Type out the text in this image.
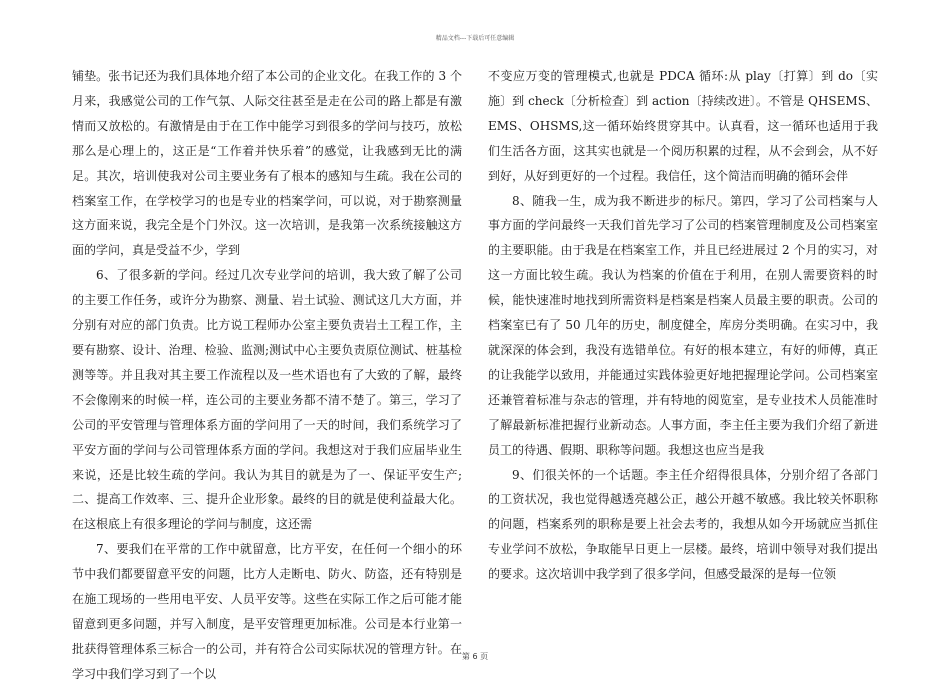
精品文档---下载后可任意编辑

铺垫。张书记还为我们具体地介绍了本公司的企业文化。在我工作的 3 个月来，我感觉公司的工作气氛、人际交往甚至是走在公司的路上都是有激情而又放松的。有激情是由于在工作中能学习到很多的学问与技巧，放松那么是心理上的，这正是“工作着并快乐着”的感觉，让我感到无比的满足。其次，培训使我对公司主要业务有了根本的感知与生疏。我在公司的档案室工作，在学校学习的也是专业的档案学问，可以说，对于勘察测量这方面来说，我完全是个门外汉。这一次培训，是我第一次系统接触这方面的学问，真是受益不少，学到

6、了很多新的学问。经过几次专业学问的培训，我大致了解了公司的主要工作任务，或许分为勘察、测量、岩土试验、测试这几大方面，并分别有对应的部门负责。比方说工程师办公室主要负责岩土工程工作，主要有勘察、设计、治理、检验、监测;测试中心主要负责原位测试、桩基检测等等。并且我对其主要工作流程以及一些术语也有了大致的了解，最终不会像刚来的时候一样，连公司的主要业务都不清不楚了。第三，学习了公司的平安管理与管理体系方面的学问用了一天的时间，我们系统学习了平安方面的学问与公司管理体系方面的学问。我想这对于我们应届毕业生来说，还是比较生疏的学问。我认为其目的就是为了一、保证平安生产;二、提高工作效率、三、提升企业形象。最终的目的就是使利益最大化。在这根底上有很多理论的学问与制度，这还需

7、要我们在平常的工作中就留意，比方平安，在任何一个细小的环节中我们都要留意平安的问题，比方人走断电、防火、防盗，还有特别是在施工现场的一些用电平安、人员平安等。这些在实际工作之后可能才能留意到更多问题，并写入制度，是平安管理更加标准。公司是本行业第一批获得管理体系三标合一的公司，并有符合公司实际状况的管理方针。在学习中我们学习到了一个以

不变应万变的管理模式,也就是 PDCA 循环:从 play〔打算〕到 do〔实施〕到 check〔分析检查〕到 action〔持续改进〕。不管是 QHSEMS、EMS、OHSMS,这一循环始终贯穿其中。认真看，这一循环也适用于我们生活各方面，这其实也就是一个阅历积累的过程，从不会到会，从不好到好，从好到更好的一个过程。我信任，这个简洁而明确的循环会伴

8、随我一生，成为我不断进步的标尺。第四，学习了公司档案与人事方面的学问最终一天我们首先学习了公司的档案管理制度及公司档案室的主要职能。由于我是在档案室工作，并且已经进展过 2 个月的实习，对这一方面比较生疏。我认为档案的价值在于利用，在别人需要资料的时候，能快速准时地找到所需资料是档案是档案人员最主要的职责。公司的档案室已有了 50 几年的历史，制度健全，库房分类明确。在实习中，我就深深的体会到，我没有选错单位。有好的根本建立，有好的师傅，真正的让我能学以致用，并能通过实践体验更好地把握理论学问。公司档案室还兼管着标准与杂志的管理，并有特地的阅览室，是专业技术人员能准时了解最新标准把握行业新动态。人事方面，李主任主要为我们介绍了新进员工的待遇、假期、职称等问题。我想这也应当是我

9、们很关怀的一个话题。李主任介绍得很具体，分别介绍了各部门的工资状况，我也觉得越透亮越公正，越公开越不敏感。我比较关怀职称的问题，档案系列的职称是要上社会去考的，我想从如今开场就应当抓住专业学问不放松，争取能早日更上一层楼。最终，培训中领导对我们提出的要求。这次培训中我学到了很多学问，但感受最深的是每一位领

第 6 页
